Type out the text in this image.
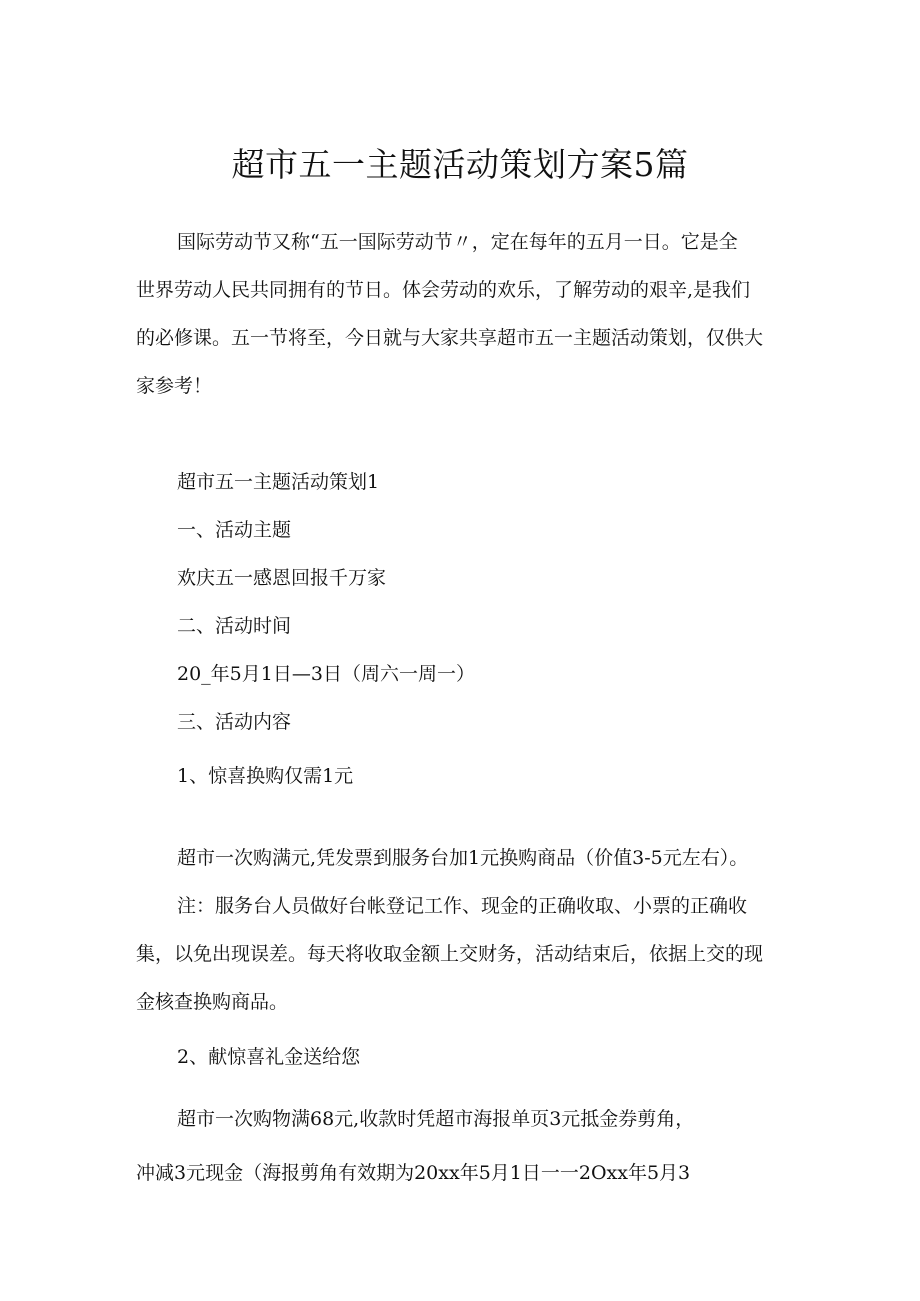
超市五一主题活动策划方案5篇

国际劳动节又称“五一国际劳动节〃，定在每年的五月一日。它是全

世界劳动人民共同拥有的节日。体会劳动的欢乐，了解劳动的艰辛,是我们

的必修课。五一节将至，今日就与大家共享超市五一主题活动策划，仅供大

家参考！

超市五一主题活动策划1

一、活动主题

欢庆五一感恩回报千万家

二、活动时间

20_年5月1日—3日（周六一周一）

三、活动内容

1、惊喜换购仅需1元

超市一次购满元,凭发票到服务台加1元换购商品（价值3-5元左右）。

注：服务台人员做好台帐登记工作、现金的正确收取、小票的正确收

集，以免出现误差。每天将收取金额上交财务，活动结束后，依据上交的现

金核查换购商品。

2、献惊喜礼金送给您

超市一次购物满68元,收款时凭超市海报单页3元抵金券剪角，

冲减3元现金（海报剪角有效期为20xx年5月1日一一2Oxx年5月3
